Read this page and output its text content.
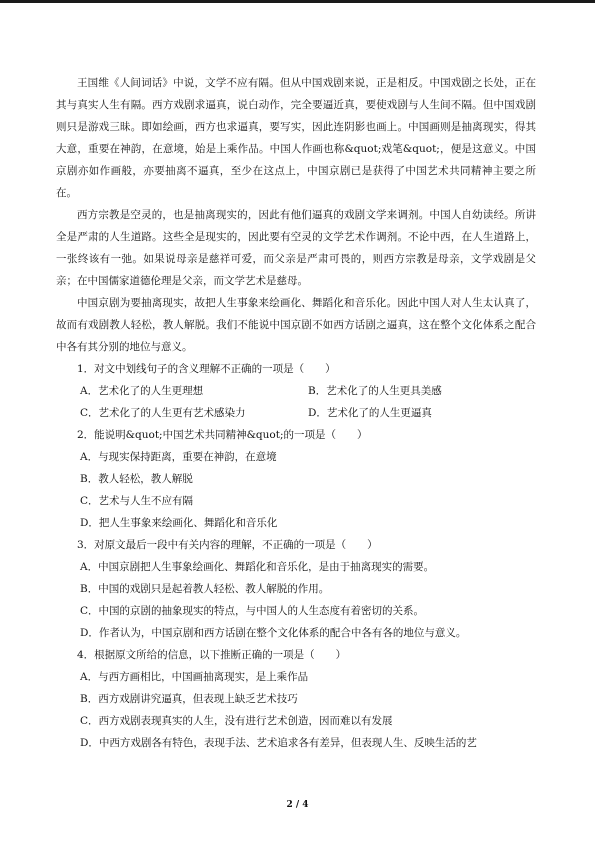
王国维《人间词话》中说，文学不应有隔。但从中国戏剧来说，正是相反。中国戏剧之长处，正在其与真实人生有隔。西方戏剧求逼真，说白动作，完全要逼近真，要使戏剧与人生间不隔。但中国戏剧则只是游戏三昧。即如绘画，西方也求逼真，要写实，因此连阴影也画上。中国画则是抽离现实，得其大意，重要在神韵，在意境，始是上乘作品。中国人作画也称&quot;戏笔&quot;，便是这意义。中国京剧亦如作画般，亦要抽离不逼真，至少在这点上，中国京剧已是获得了中国艺术共同精神主要之所在。

西方宗教是空灵的，也是抽离现实的，因此有他们逼真的戏剧文学来调剂。中国人自幼读经。所讲全是严肃的人生道路。这些全是现实的，因此要有空灵的文学艺术作调剂。不论中西，在人生道路上，一张终该有一弛。如果说母亲是慈祥可爱，而父亲是严肃可畏的，则西方宗教是母亲，文学戏剧是父亲；在中国儒家道德伦理是父亲，而文学艺术是慈母。

中国京剧为要抽离现实，故把人生事象来绘画化、舞蹈化和音乐化。因此中国人对人生太认真了，故而有戏剧教人轻松，教人解脱。我们不能说中国京剧不如西方话剧之逼真，这在整个文化体系之配合中各有其分别的地位与意义。

1．对文中划线句子的含义理解不正确的一项是（　　）

A．艺术化了的人生更理想	B．艺术化了的人生更具美感
C．艺术化了的人生更有艺术感染力	D．艺术化了的人生更逼真

2．能说明&quot;中国艺术共同精神&quot;的一项是（　　）

A．与现实保持距离，重要在神韵，在意境

B．教人轻松，教人解脱

C．艺术与人生不应有隔

D．把人生事象来绘画化、舞蹈化和音乐化

3．对原文最后一段中有关内容的理解，不正确的一项是（　　）

A．中国京剧把人生事象绘画化、舞蹈化和音乐化，是由于抽离现实的需要。

B．中国的戏剧只是起着教人轻松、教人解脱的作用。

C．中国的京剧的抽象现实的特点，与中国人的人生态度有着密切的关系。

D．作者认为，中国京剧和西方话剧在整个文化体系的配合中各有各的地位与意义。

4．根据原文所给的信息，以下推断正确的一项是（　　）

A．与西方画相比，中国画抽离现实，是上乘作品

B．西方戏剧讲究逼真，但表现上缺乏艺术技巧

C．西方戏剧表现真实的人生，没有进行艺术创造，因而难以有发展

D．中西方戏剧各有特色，表现手法、艺术追求各有差异，但表现人生、反映生活的艺

2 / 4
